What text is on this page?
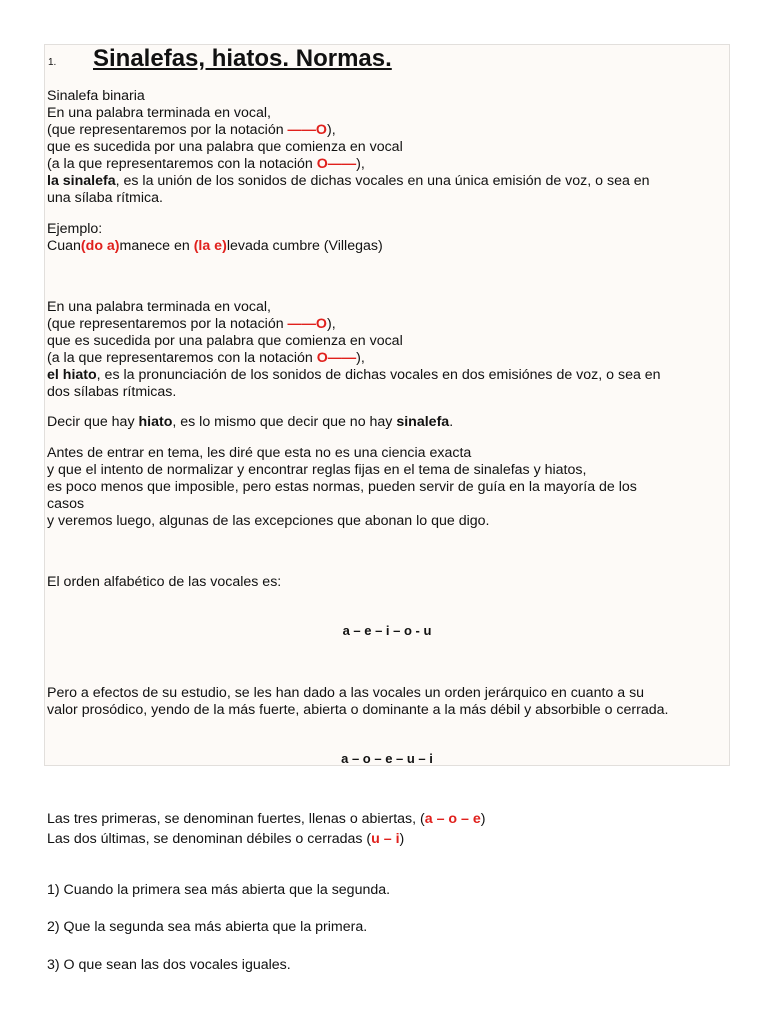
1. Sinalefas, hiatos. Normas.
Sinalefa binaria
En una palabra terminada en vocal,
(que representaremos por la notación ——O),
que es sucedida por una palabra que comienza en vocal
(a la que representaremos con la notación O——),
la sinalefa, es la unión de los sonidos de dichas vocales en una única emisión de voz, o sea en
una sílaba rítmica.
Ejemplo:
Cuan(do a)manece en (la e)levada cumbre (Villegas)
En una palabra terminada en vocal,
(que representaremos por la notación ——O),
que es sucedida por una palabra que comienza en vocal
(a la que representaremos con la notación O——),
el hiato, es la pronunciación de los sonidos de dichas vocales en dos emisiónes de voz, o sea en
dos sílabas rítmicas.
Decir que hay hiato, es lo mismo que decir que no hay sinalefa.
Antes de entrar en tema, les diré que esta no es una ciencia exacta
y que el intento de normalizar y encontrar reglas fijas en el tema de sinalefas y hiatos,
es poco menos que imposible, pero estas normas, pueden servir de guía en la mayoría de los
casos
y veremos luego, algunas de las excepciones que abonan lo que digo.
El orden alfabético de las vocales es:
a – e – i – o - u
Pero a efectos de su estudio, se les han dado a las vocales un orden jerárquico en cuanto a su
valor prosódico, yendo de la más fuerte, abierta o dominante a la más débil y absorbible o cerrada.
a – o – e – u – i
Las tres primeras, se denominan fuertes, llenas o abiertas, (a – o – e)
Las dos últimas, se denominan débiles o cerradas (u – i)
1) Cuando la primera sea más abierta que la segunda.
2) Que la segunda sea más abierta que la primera.
3) O que sean las dos vocales iguales.
